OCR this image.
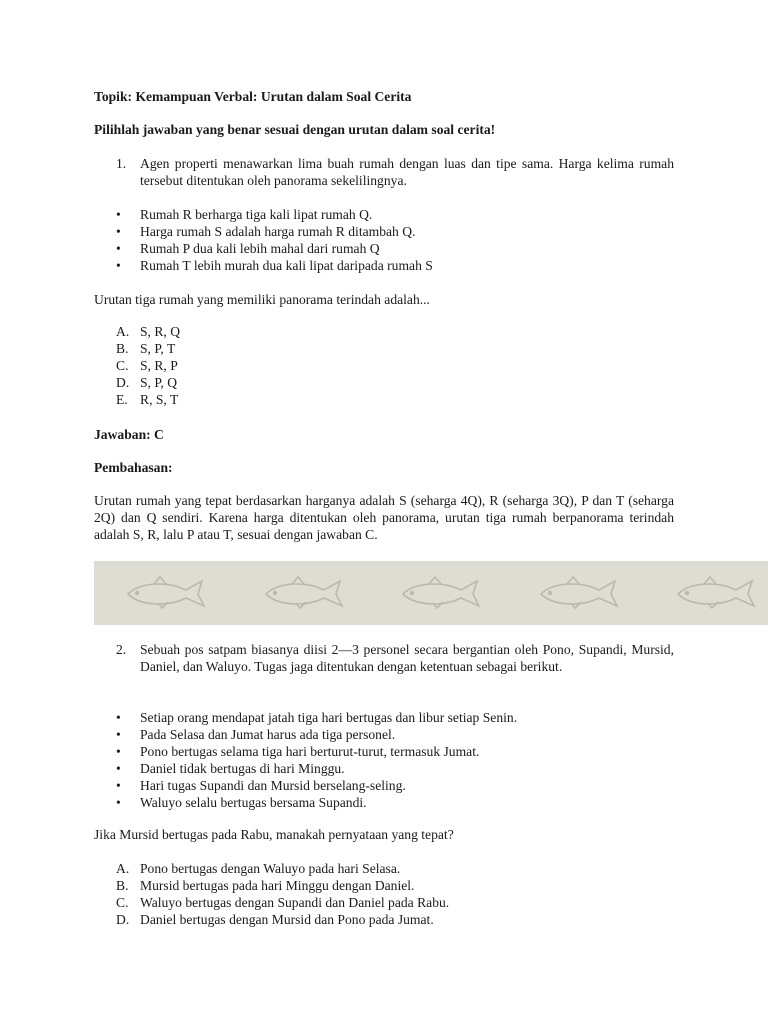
Topik: Kemampuan Verbal: Urutan dalam Soal Cerita
Pilihlah jawaban yang benar sesuai dengan urutan dalam soal cerita!
1. Agen properti menawarkan lima buah rumah dengan luas dan tipe sama. Harga kelima rumah tersebut ditentukan oleh panorama sekelilingnya.
• Rumah R berharga tiga kali lipat rumah Q.
• Harga rumah S adalah harga rumah R ditambah Q.
• Rumah P dua kali lebih mahal dari rumah Q
• Rumah T lebih murah dua kali lipat daripada rumah S
Urutan tiga rumah yang memiliki panorama terindah adalah...
A. S, R, Q
B. S, P, T
C. S, R, P
D. S, P, Q
E. R, S, T
Jawaban: C
Pembahasan:
Urutan rumah yang tepat berdasarkan harganya adalah S (seharga 4Q), R (seharga 3Q), P dan T (seharga 2Q) dan Q sendiri. Karena harga ditentukan oleh panorama, urutan tiga rumah berpanorama terindah adalah S, R, lalu P atau T, sesuai dengan jawaban C.
2. Sebuah pos satpam biasanya diisi 2—3 personel secara bergantian oleh Pono, Supandi, Mursid, Daniel, dan Waluyo. Tugas jaga ditentukan dengan ketentuan sebagai berikut.
• Setiap orang mendapat jatah tiga hari bertugas dan libur setiap Senin.
• Pada Selasa dan Jumat harus ada tiga personel.
• Pono bertugas selama tiga hari berturut-turut, termasuk Jumat.
• Daniel tidak bertugas di hari Minggu.
• Hari tugas Supandi dan Mursid berselang-seling.
• Waluyo selalu bertugas bersama Supandi.
Jika Mursid bertugas pada Rabu, manakah pernyataan yang tepat?
A. Pono bertugas dengan Waluyo pada hari Selasa.
B. Mursid bertugas pada hari Minggu dengan Daniel.
C. Waluyo bertugas dengan Supandi dan Daniel pada Rabu.
D. Daniel bertugas dengan Mursid dan Pono pada Jumat.
